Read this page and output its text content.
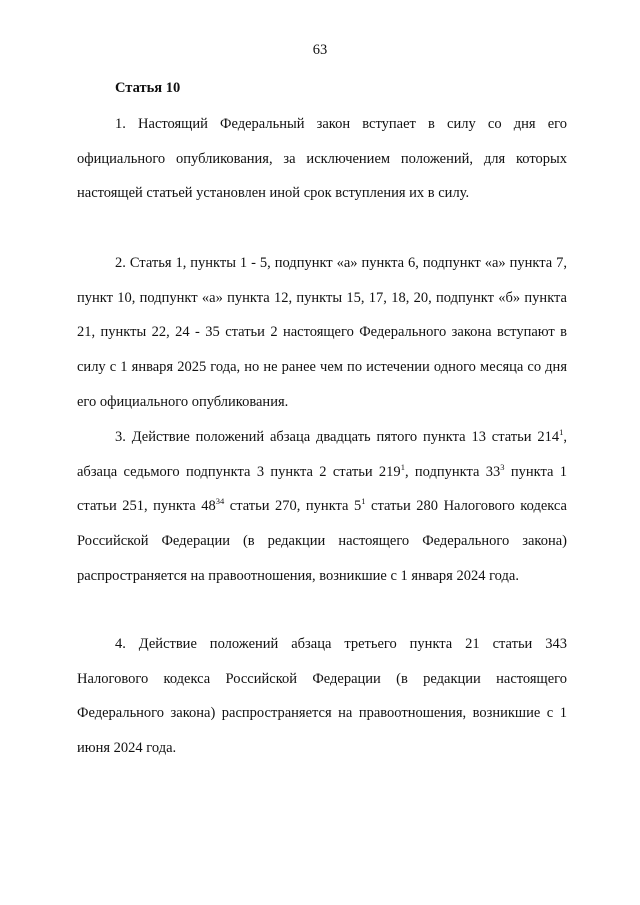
63
Статья 10

1. Настоящий Федеральный закон вступает в силу со дня его официального опубликования, за исключением положений, для которых настоящей статьей установлен иной срок вступления их в силу.

2. Статья 1, пункты 1 - 5, подпункт «а» пункта 6, подпункт «а» пункта 7, пункт 10, подпункт «а» пункта 12, пункты 15, 17, 18, 20, подпункт «б» пункта 21, пункты 22, 24 - 35 статьи 2 настоящего Федерального закона вступают в силу с 1 января 2025 года, но не ранее чем по истечении одного месяца со дня его официального опубликования.

3. Действие положений абзаца двадцать пятого пункта 13 статьи $214^1$, абзаца седьмого подпункта 3 пункта 2 статьи $219^1$, подпункта $33^3$ пункта 1 статьи 251, пункта $48^{34}$ статьи 270, пункта $5^1$ статьи 280 Налогового кодекса Российской Федерации (в редакции настоящего Федерального закона) распространяется на правоотношения, возникшие с 1 января 2024 года.

4. Действие положений абзаца третьего пункта 21 статьи 343 Налогового кодекса Российской Федерации (в редакции настоящего Федерального закона) распространяется на правоотношения, возникшие с 1 июня 2024 года.
